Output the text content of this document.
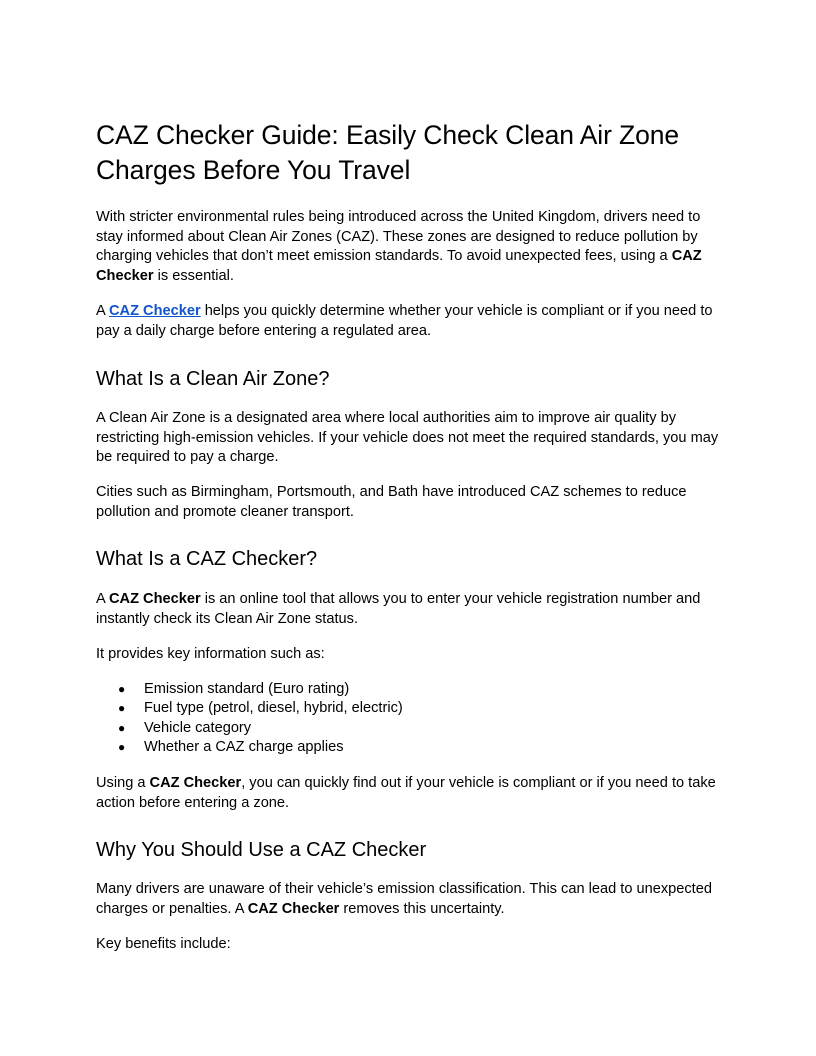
CAZ Checker Guide: Easily Check Clean Air Zone Charges Before You Travel

With stricter environmental rules being introduced across the United Kingdom, drivers need to stay informed about Clean Air Zones (CAZ). These zones are designed to reduce pollution by charging vehicles that don’t meet emission standards. To avoid unexpected fees, using a CAZ Checker is essential.

A CAZ Checker helps you quickly determine whether your vehicle is compliant or if you need to pay a daily charge before entering a regulated area.

What Is a Clean Air Zone?

A Clean Air Zone is a designated area where local authorities aim to improve air quality by restricting high-emission vehicles. If your vehicle does not meet the required standards, you may be required to pay a charge.

Cities such as Birmingham, Portsmouth, and Bath have introduced CAZ schemes to reduce pollution and promote cleaner transport.

What Is a CAZ Checker?

A CAZ Checker is an online tool that allows you to enter your vehicle registration number and instantly check its Clean Air Zone status.

It provides key information such as:

● Emission standard (Euro rating)
● Fuel type (petrol, diesel, hybrid, electric)
● Vehicle category
● Whether a CAZ charge applies

Using a CAZ Checker, you can quickly find out if your vehicle is compliant or if you need to take action before entering a zone.

Why You Should Use a CAZ Checker

Many drivers are unaware of their vehicle’s emission classification. This can lead to unexpected charges or penalties. A CAZ Checker removes this uncertainty.

Key benefits include:
